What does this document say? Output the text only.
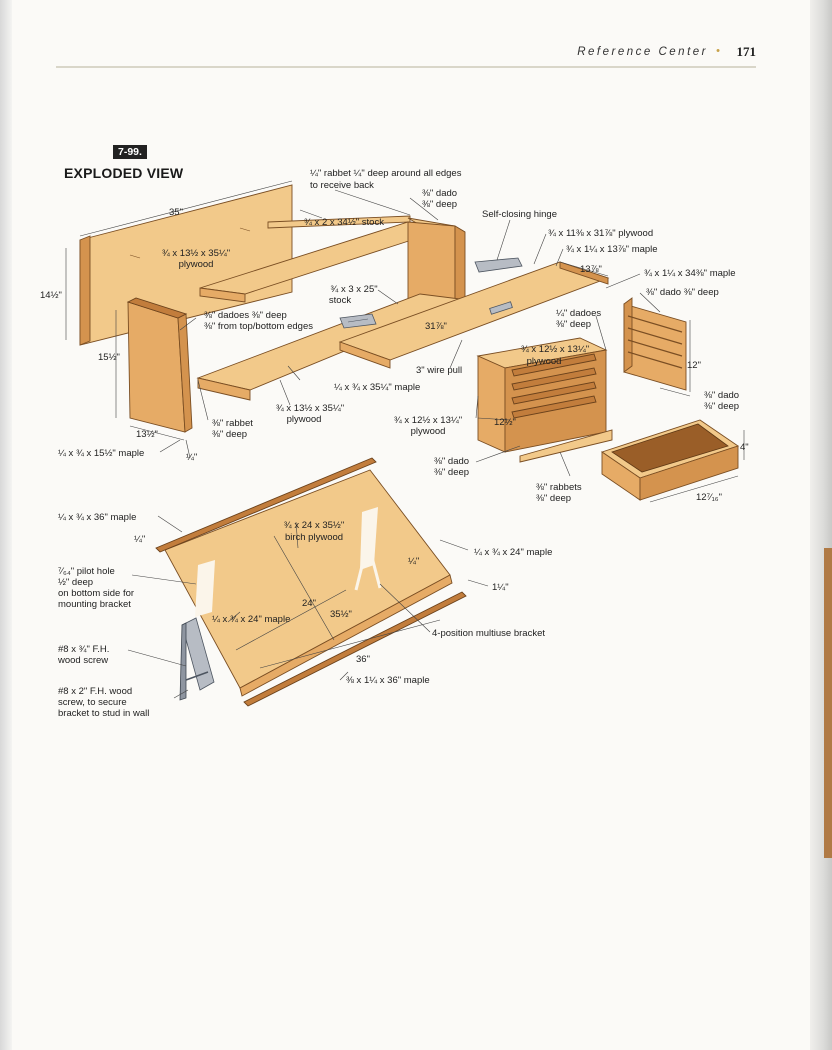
Reference Center • 171
7-99.
EXPLODED VIEW	¼" rabbet ¼" deep around all edges
to receive back
⅜" dado
⅜" deep
¾ x 2 x 34½" stock
35"
¾ x 13½ x 35¼"
plywood
14½"
Self-closing hinge
¾ x 11⅜ x 31⅞" plywood
¾ x 1¼ x 13⅞" maple
13⅞"	¾ x 1¼ x 34⅜" maple
⅜" dado ⅜" deep
¾ x 3 x 25"
stock
⅜" dadoes ⅜" deep
⅜" from top/bottom edges	31⅞"
¼" dadoes
⅜" deep
15½"
¾ x 12½ x 13¼"
plywood	12"
3" wire pull
¼ x ¾ x 35¼" maple
⅜" dado
⅜" deep
⅜" rabbet
⅜" deep
¾ x 13½ x 35¼"
plywood	¾ x 12½ x 13¼"
plywood
12½"
4"
13½"
¼ x ¾ x 15½" maple	¼"	⅜" dado
⅜" deep
⅜" rabbets
⅜" deep	12⁷⁄₁₆"
¼ x ¾ x 36" maple
¼"
¾ x 24 x 35½"
birch plywood
¼ x ¾ x 24" maple
¼"
1¼"
⁷⁄₆₄" pilot hole
½" deep
on bottom side for
mounting bracket	24"
¼ x ¾ x 24" maple	35½"
4-position multiuse bracket
#8 x ¾" F.H.
wood screw	36"
⅜ x 1¼ x 36" maple
#8 x 2" F.H. wood
screw, to secure
bracket to stud in wall
